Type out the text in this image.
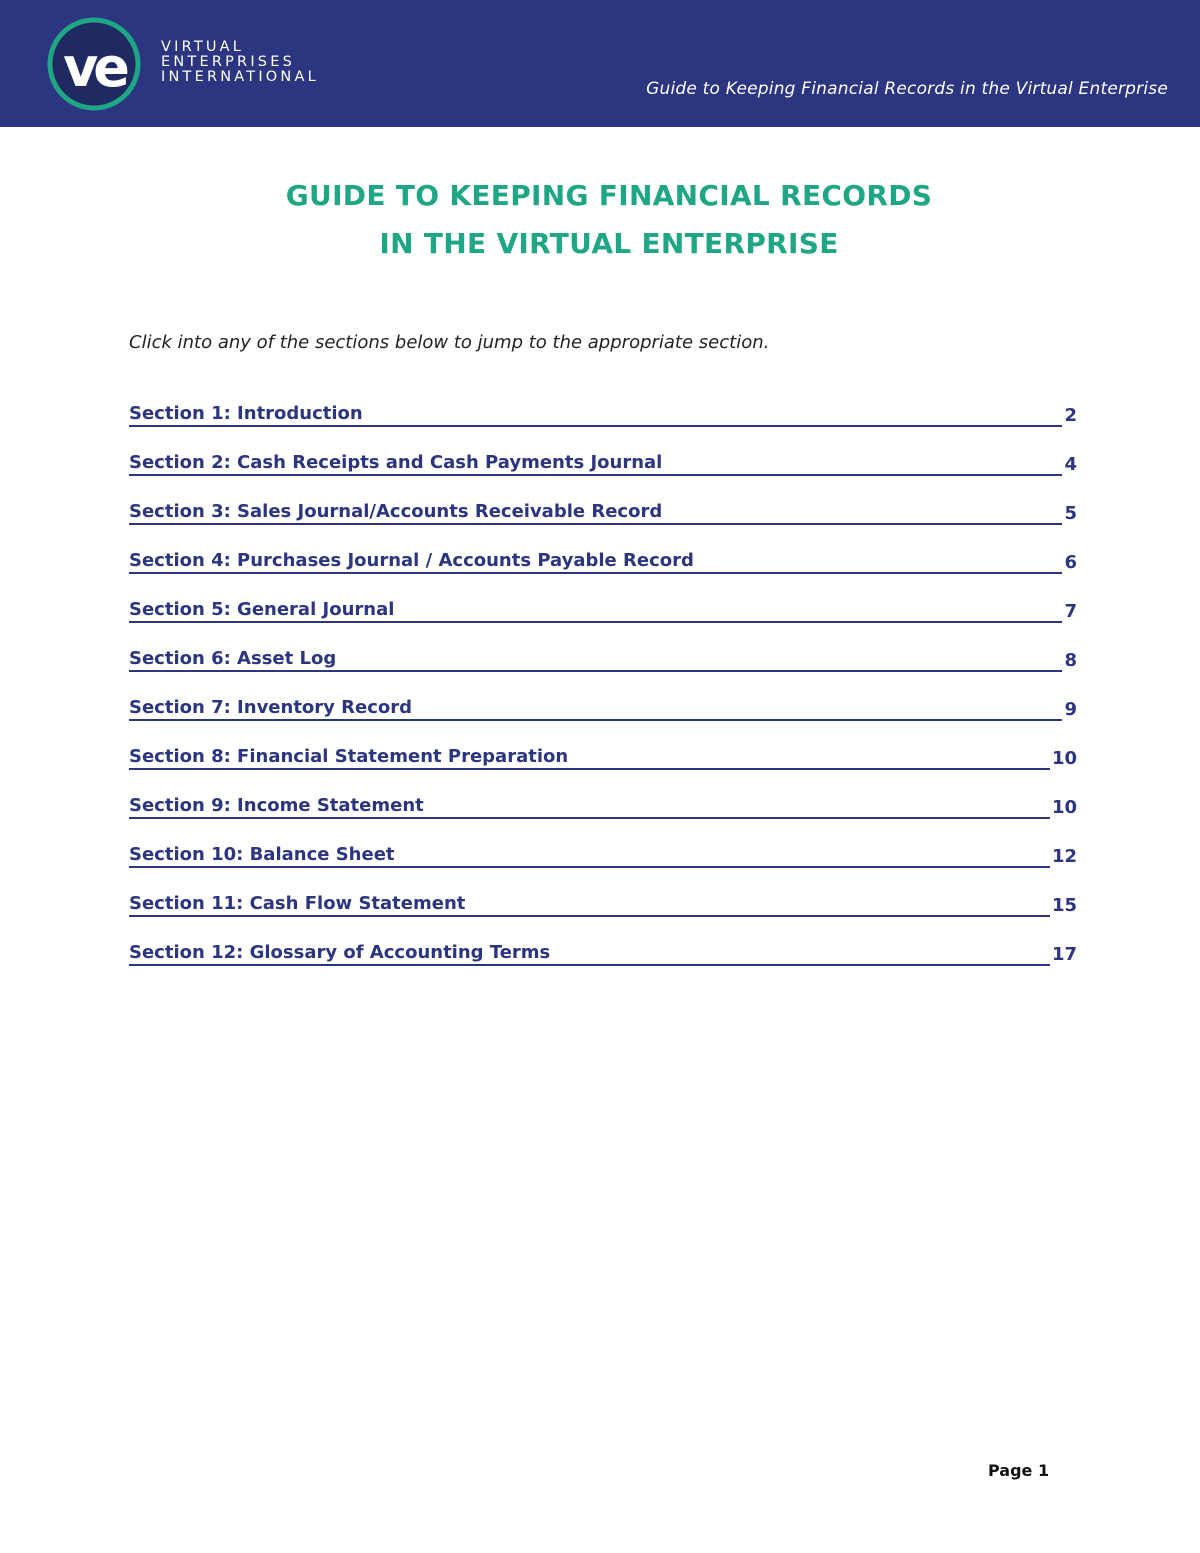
ve VIRTUAL
ENTERPRISES
INTERNATIONAL
Guide to Keeping Financial Records in the Virtual Enterprise
GUIDE TO KEEPING FINANCIAL RECORDS
IN THE VIRTUAL ENTERPRISE
Click into any of the sections below to jump to the appropriate section.
Section 1: Introduction	2
Section 2: Cash Receipts and Cash Payments Journal	4
Section 3: Sales Journal/Accounts Receivable Record	5
Section 4: Purchases Journal / Accounts Payable Record	6
Section 5: General Journal	7
Section 6: Asset Log	8
Section 7: Inventory Record	9
Section 8: Financial Statement Preparation	10
Section 9: Income Statement	10
Section 10: Balance Sheet	12
Section 11: Cash Flow Statement	15
Section 12: Glossary of Accounting Terms	17
Page 1
